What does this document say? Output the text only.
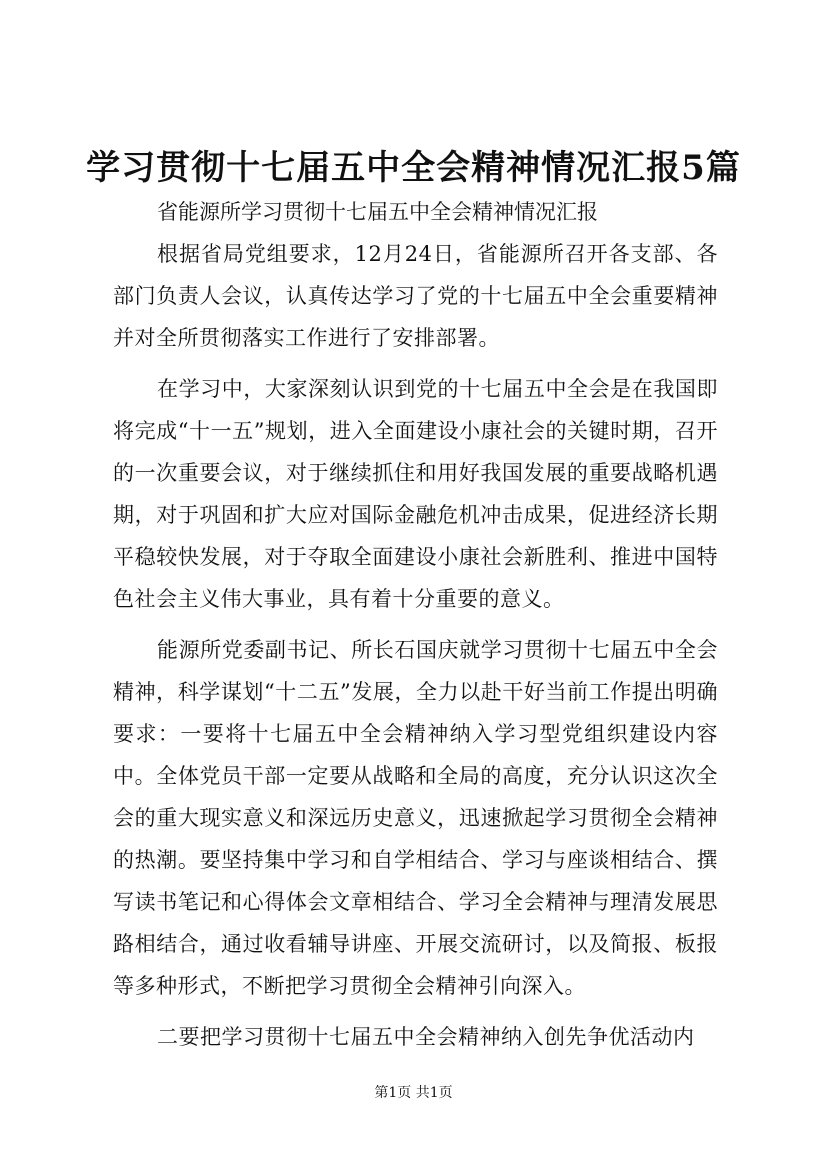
学习贯彻十七届五中全会精神情况汇报5篇

省能源所学习贯彻十七届五中全会精神情况汇报

根据省局党组要求，12月24日，省能源所召开各支部、各部门负责人会议，认真传达学习了党的十七届五中全会重要精神并对全所贯彻落实工作进行了安排部署。

在学习中，大家深刻认识到党的十七届五中全会是在我国即将完成“十一五”规划，进入全面建设小康社会的关键时期，召开的一次重要会议，对于继续抓住和用好我国发展的重要战略机遇期，对于巩固和扩大应对国际金融危机冲击成果，促进经济长期平稳较快发展，对于夺取全面建设小康社会新胜利、推进中国特色社会主义伟大事业，具有着十分重要的意义。

能源所党委副书记、所长石国庆就学习贯彻十七届五中全会精神，科学谋划“十二五”发展，全力以赴干好当前工作提出明确要求：一要将十七届五中全会精神纳入学习型党组织建设内容中。全体党员干部一定要从战略和全局的高度，充分认识这次全会的重大现实意义和深远历史意义，迅速掀起学习贯彻全会精神的热潮。要坚持集中学习和自学相结合、学习与座谈相结合、撰写读书笔记和心得体会文章相结合、学习全会精神与理清发展思路相结合，通过收看辅导讲座、开展交流研讨，以及简报、板报等多种形式，不断把学习贯彻全会精神引向深入。

二要把学习贯彻十七届五中全会精神纳入创先争优活动内

第1页 共1页
